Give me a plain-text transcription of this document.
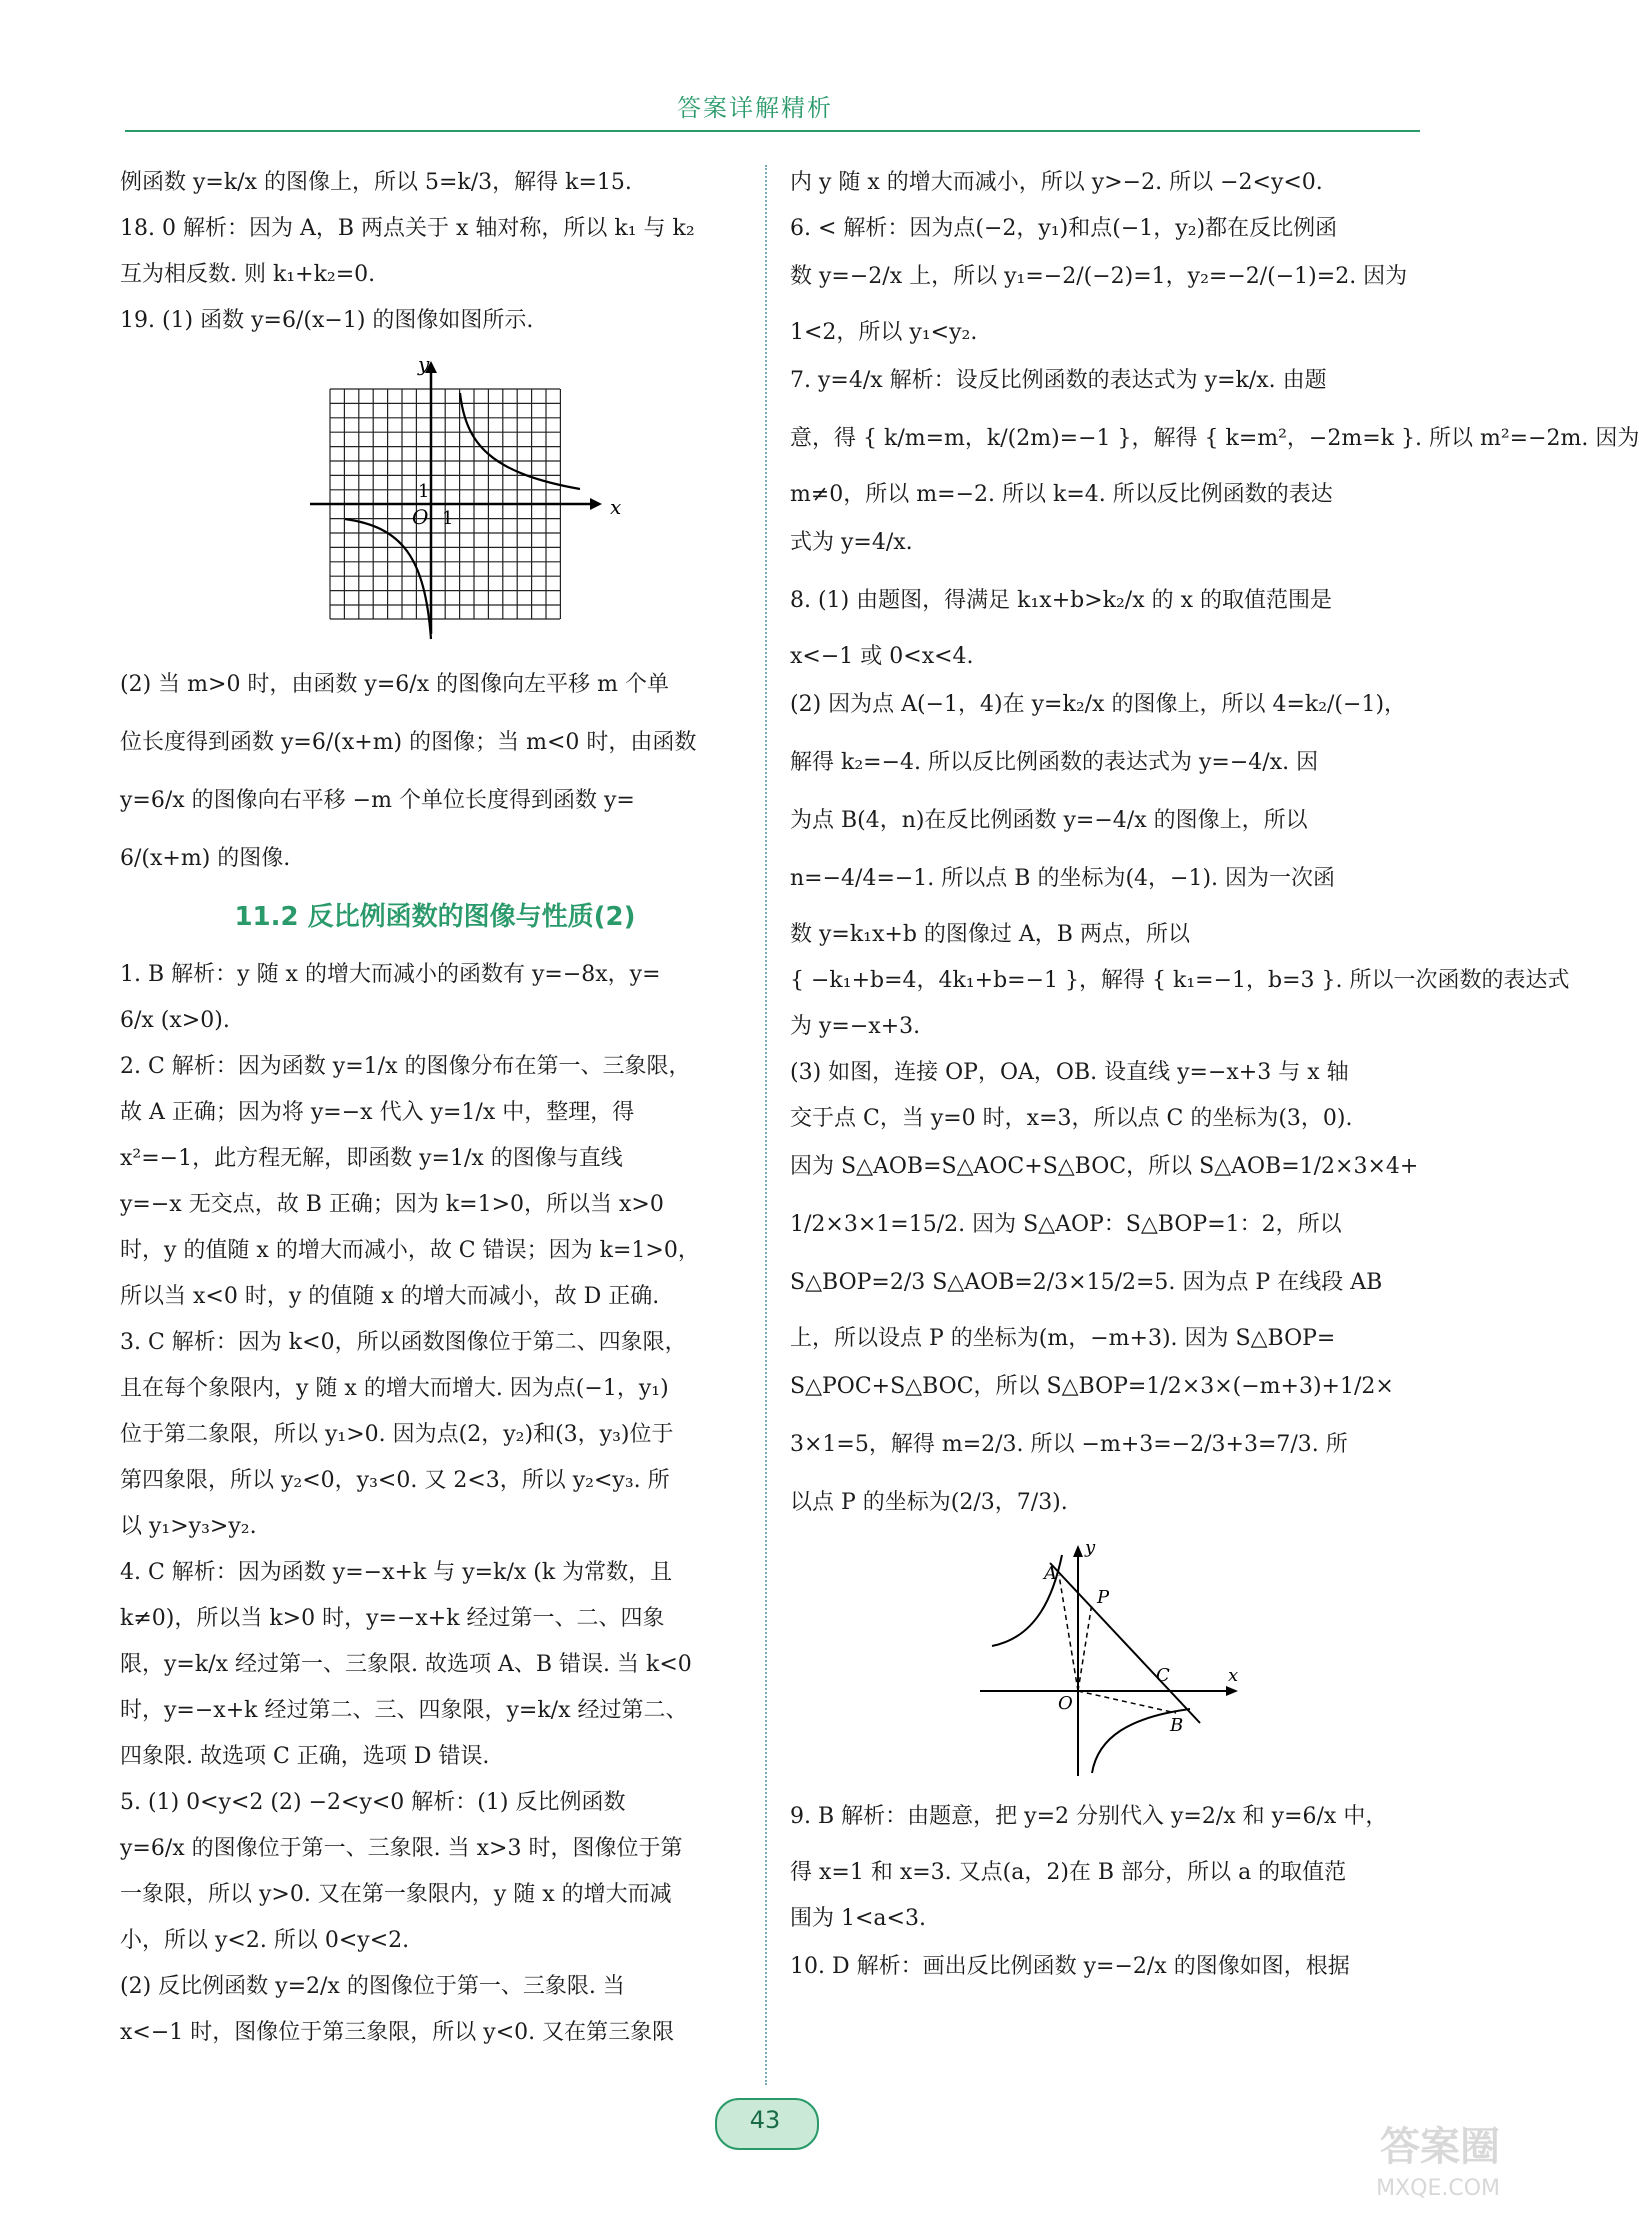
答案详解精析
例函数 y=k/x 的图像上，所以 5=k/3，解得 k=15.
18. 0 解析：因为 A，B 两点关于 x 轴对称，所以 k₁ 与 k₂
互为相反数. 则 k₁+k₂=0.
19. (1) 函数 y=6/(x−1) 的图像如图所示.
x
y
O 1
1
(2) 当 m>0 时，由函数 y=6/x 的图像向左平移 m 个单
位长度得到函数 y=6/(x+m) 的图像；当 m<0 时，由函数
y=6/x 的图像向右平移 −m 个单位长度得到函数 y=
6/(x+m) 的图像.
11.2 反比例函数的图像与性质(2)
1. B 解析：y 随 x 的增大而减小的函数有 y=−8x，y=
6/x (x>0).
2. C 解析：因为函数 y=1/x 的图像分布在第一、三象限，
故 A 正确；因为将 y=−x 代入 y=1/x 中，整理，得
x²=−1，此方程无解，即函数 y=1/x 的图像与直线
y=−x 无交点，故 B 正确；因为 k=1>0，所以当 x>0
时，y 的值随 x 的增大而减小，故 C 错误；因为 k=1>0，
所以当 x<0 时，y 的值随 x 的增大而减小，故 D 正确.
3. C 解析：因为 k<0，所以函数图像位于第二、四象限，
且在每个象限内，y 随 x 的增大而增大. 因为点(−1，y₁)
位于第二象限，所以 y₁>0. 因为点(2，y₂)和(3，y₃)位于
第四象限，所以 y₂<0，y₃<0. 又 2<3，所以 y₂<y₃. 所
以 y₁>y₃>y₂.
4. C 解析：因为函数 y=−x+k 与 y=k/x (k 为常数，且
k≠0)，所以当 k>0 时，y=−x+k 经过第一、二、四象
限，y=k/x 经过第一、三象限. 故选项 A、B 错误. 当 k<0
时，y=−x+k 经过第二、三、四象限，y=k/x 经过第二、
四象限. 故选项 C 正确，选项 D 错误.
5. (1) 0<y<2 (2) −2<y<0 解析：(1) 反比例函数
y=6/x 的图像位于第一、三象限. 当 x>3 时，图像位于第
一象限，所以 y>0. 又在第一象限内，y 随 x 的增大而减
小，所以 y<2. 所以 0<y<2.
(2) 反比例函数 y=2/x 的图像位于第一、三象限. 当
x<−1 时，图像位于第三象限，所以 y<0. 又在第三象限
内 y 随 x 的增大而减小，所以 y>−2. 所以 −2<y<0.
6. < 解析：因为点(−2，y₁)和点(−1，y₂)都在反比例函
数 y=−2/x 上，所以 y₁=−2/(−2)=1，y₂=−2/(−1)=2. 因为
1<2，所以 y₁<y₂.
7. y=4/x 解析：设反比例函数的表达式为 y=k/x. 由题
意，得 { k/m=m，k/(2m)=−1 }，解得 { k=m²，−2m=k }. 所以 m²=−2m. 因为
m≠0，所以 m=−2. 所以 k=4. 所以反比例函数的表达
式为 y=4/x.
8. (1) 由题图，得满足 k₁x+b>k₂/x 的 x 的取值范围是
x<−1 或 0<x<4.
(2) 因为点 A(−1，4)在 y=k₂/x 的图像上，所以 4=k₂/(−1)，
解得 k₂=−4. 所以反比例函数的表达式为 y=−4/x. 因
为点 B(4，n)在反比例函数 y=−4/x 的图像上，所以
n=−4/4=−1. 所以点 B 的坐标为(4，−1). 因为一次函
数 y=k₁x+b 的图像过 A，B 两点，所以
{ −k₁+b=4，4k₁+b=−1 }，解得 { k₁=−1，b=3 }. 所以一次函数的表达式
为 y=−x+3.
(3) 如图，连接 OP，OA，OB. 设直线 y=−x+3 与 x 轴
交于点 C，当 y=0 时，x=3，所以点 C 的坐标为(3，0).
因为 S△AOB=S△AOC+S△BOC，所以 S△AOB=1/2×3×4+
1/2×3×1=15/2. 因为 S△AOP：S△BOP=1：2，所以
S△BOP=2/3 S△AOB=2/3×15/2=5. 因为点 P 在线段 AB
上，所以设点 P 的坐标为(m，−m+3). 因为 S△BOP=
S△POC+S△BOC，所以 S△BOP=1/2×3×(−m+3)+1/2×
3×1=5，解得 m=2/3. 所以 −m+3=−2/3+3=7/3. 所
以点 P 的坐标为(2/3，7/3).
y
x
O
A
P
C
B
9. B 解析：由题意，把 y=2 分别代入 y=2/x 和 y=6/x 中，
得 x=1 和 x=3. 又点(a，2)在 B 部分，所以 a 的取值范
围为 1<a<3.
10. D 解析：画出反比例函数 y=−2/x 的图像如图，根据
43
答案圈
MXQE.COM
